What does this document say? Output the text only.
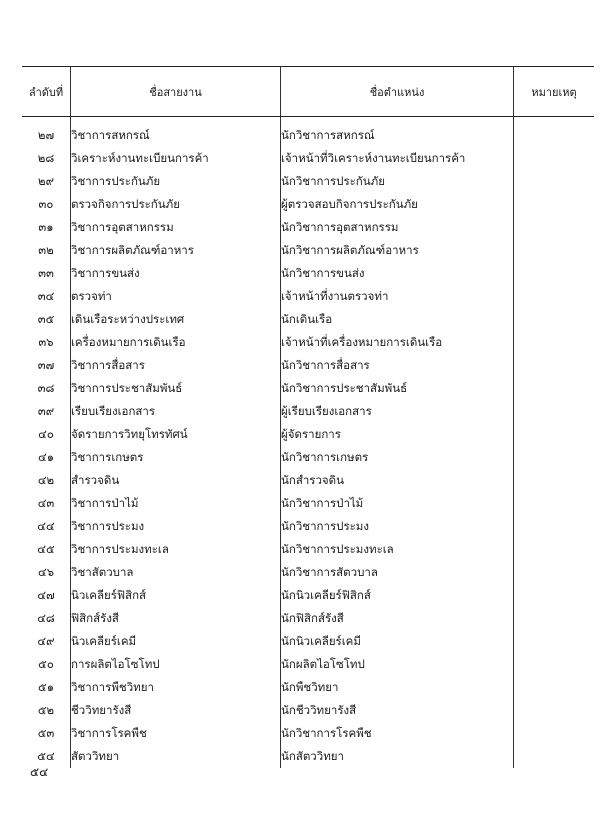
ลำดับที่	ชื่อสายงาน	ชื่อตำแหน่ง	หมายเหตุ

๒๗	วิชาการสหกรณ์	นักวิชาการสหกรณ์	
๒๘	วิเคราะห์งานทะเบียนการค้า	เจ้าหน้าที่วิเคราะห์งานทะเบียนการค้า	
๒๙	วิชาการประกันภัย	นักวิชาการประกันภัย	
๓๐	ตรวจกิจการประกันภัย	ผู้ตรวจสอบกิจการประกันภัย	
๓๑	วิชาการอุตสาหกรรม	นักวิชาการอุตสาหกรรม	
๓๒	วิชาการผลิตภัณฑ์อาหาร	นักวิชาการผลิตภัณฑ์อาหาร	
๓๓	วิชาการขนส่ง	นักวิชาการขนส่ง	
๓๔	ตรวจท่า	เจ้าหน้าที่งานตรวจท่า	
๓๕	เดินเรือระหว่างประเทศ	นักเดินเรือ	
๓๖	เครื่องหมายการเดินเรือ	เจ้าหน้าที่เครื่องหมายการเดินเรือ	
๓๗	วิชาการสื่อสาร	นักวิชาการสื่อสาร	
๓๘	วิชาการประชาสัมพันธ์	นักวิชาการประชาสัมพันธ์	
๓๙	เรียบเรียงเอกสาร	ผู้เรียบเรียงเอกสาร	
๔๐	จัดรายการวิทยุโทรทัศน์	ผู้จัดรายการ	
๔๑	วิชาการเกษตร	นักวิชาการเกษตร	
๔๒	สำรวจดิน	นักสำรวจดิน	
๔๓	วิชาการป่าไม้	นักวิชาการป่าไม้	
๔๔	วิชาการประมง	นักวิชาการประมง	
๔๕	วิชาการประมงทะเล	นักวิชาการประมงทะเล	
๔๖	วิชาสัตวบาล	นักวิชาการสัตวบาล	
๔๗	นิวเคลียร์ฟิสิกส์	นักนิวเคลียร์ฟิสิกส์	
๔๘	ฟิสิกส์รังสี	นักฟิสิกส์รังสี	
๔๙	นิวเคลียร์เคมี	นักนิวเคลียร์เคมี	
๕๐	การผลิตไอโซโทป	นักผลิตไอโซโทป	
๕๑	วิชาการพืชวิทยา	นักพืชวิทยา	
๕๒	ชีววิทยารังสี	นักชีววิทยารังสี	
๕๓	วิชาการโรคพืช	นักวิชาการโรคพืช	
๕๔	สัตววิทยา	นักสัตววิทยา	
๕๔
